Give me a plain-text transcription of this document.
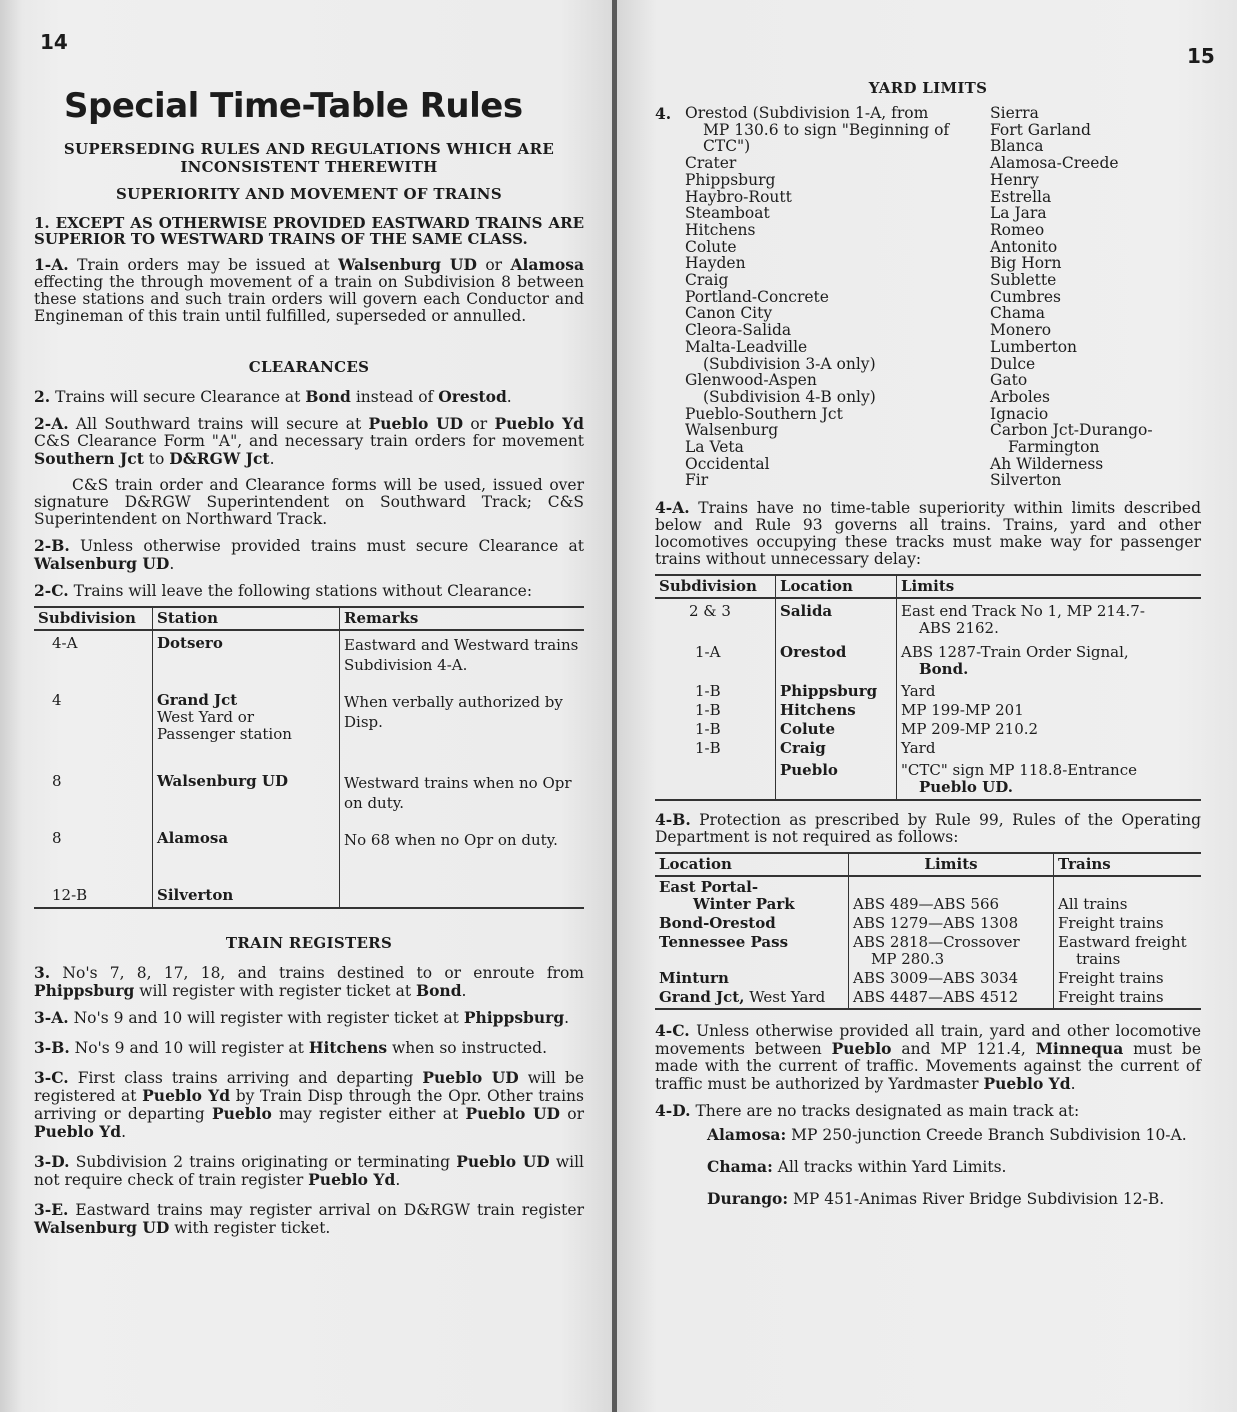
14
Special Time-Table Rules
SUPERSEDING RULES AND REGULATIONS WHICH ARE INCONSISTENT THEREWITH
SUPERIORITY AND MOVEMENT OF TRAINS

1. EXCEPT AS OTHERWISE PROVIDED EASTWARD TRAINS ARE SUPERIOR TO WESTWARD TRAINS OF THE SAME CLASS.

1-A. Train orders may be issued at Walsenburg UD or Alamosa effecting the through movement of a train on Subdivision 8 between these stations and such train orders will govern each Conductor and Engineman of this train until fulfilled, superseded or annulled.

CLEARANCES

2. Trains will secure Clearance at Bond instead of Orestod.

2-A. All Southward trains will secure at Pueblo UD or Pueblo Yd C&S Clearance Form "A", and necessary train orders for movement Southern Jct to D&RGW Jct.

C&S train order and Clearance forms will be used, issued over signature D&RGW Superintendent on Southward Track; C&S Superintendent on Northward Track.

2-B. Unless otherwise provided trains must secure Clearance at Walsenburg UD.

2-C. Trains will leave the following stations without Clearance:

Subdivision	Station	Remarks
4-A	Dotsero	Eastward and Westward trains Subdivision 4-A.
4	Grand Jct
West Yard or Passenger station	When verbally authorized by Disp.
8	Walsenburg UD	Westward trains when no Opr on duty.
8	Alamosa	No 68 when no Opr on duty.
12-B	Silverton	
TRAIN REGISTERS

3. No's 7, 8, 17, 18, and trains destined to or enroute from Phippsburg will register with register ticket at Bond.

3-A. No's 9 and 10 will register with register ticket at Phippsburg.

3-B. No's 9 and 10 will register at Hitchens when so instructed.

3-C. First class trains arriving and departing Pueblo UD will be registered at Pueblo Yd by Train Disp through the Opr. Other trains arriving or departing Pueblo may register either at Pueblo UD or Pueblo Yd.

3-D. Subdivision 2 trains originating or terminating Pueblo UD will not require check of train register Pueblo Yd.

3-E. Eastward trains may register arrival on D&RGW train register Walsenburg UD with register ticket.

15
YARD LIMITS
4. Orestod (Subdivision 1-A, from
MP 130.6 to sign "Beginning of
CTC")
Crater
Phippsburg
Haybro-Routt
Steamboat
Hitchens
Colute
Hayden
Craig
Portland-Concrete
Canon City
Cleora-Salida
Malta-Leadville
(Subdivision 3-A only)
Glenwood-Aspen
(Subdivision 4-B only)
Pueblo-Southern Jct
Walsenburg
La Veta
Occidental
Fir
Sierra
Fort Garland
Blanca
Alamosa-Creede
Henry
Estrella
La Jara
Romeo
Antonito
Big Horn
Sublette
Cumbres
Chama
Monero
Lumberton
Dulce
Gato
Arboles
Ignacio
Carbon Jct-Durango-
Farmington
Ah Wilderness
Silverton

4-A. Trains have no time-table superiority within limits described below and Rule 93 governs all trains. Trains, yard and other locomotives occupying these tracks must make way for passenger trains without unnecessary delay:

Subdivision	Location	Limits
2 & 3	Salida	East end Track No 1, MP 214.7-
ABS 2162.
1-A	Orestod	ABS 1287-Train Order Signal,
Bond.
1-B	Phippsburg	Yard
1-B	Hitchens	MP 199-MP 201
1-B	Colute	MP 209-MP 210.2
1-B	Craig	Yard
	Pueblo	"CTC" sign MP 118.8-Entrance
Pueblo UD.

4-B. Protection as prescribed by Rule 99, Rules of the Operating Department is not required as follows:

Location	Limits	Trains
East Portal-
Winter Park	ABS 489—ABS 566	All trains
Bond-Orestod	ABS 1279—ABS 1308	Freight trains
Tennessee Pass	ABS 2818—Crossover
MP 280.3	Eastward freight
trains
Minturn	ABS 3009—ABS 3034	Freight trains
Grand Jct, West Yard	ABS 4487—ABS 4512	Freight trains

4-C. Unless otherwise provided all train, yard and other locomotive movements between Pueblo and MP 121.4, Minnequa must be made with the current of traffic. Movements against the current of traffic must be authorized by Yardmaster Pueblo Yd.

4-D. There are no tracks designated as main track at:

Alamosa: MP 250-junction Creede Branch Subdivision 10-A.

Chama: All tracks within Yard Limits.

Durango: MP 451-Animas River Bridge Subdivision 12-B.
